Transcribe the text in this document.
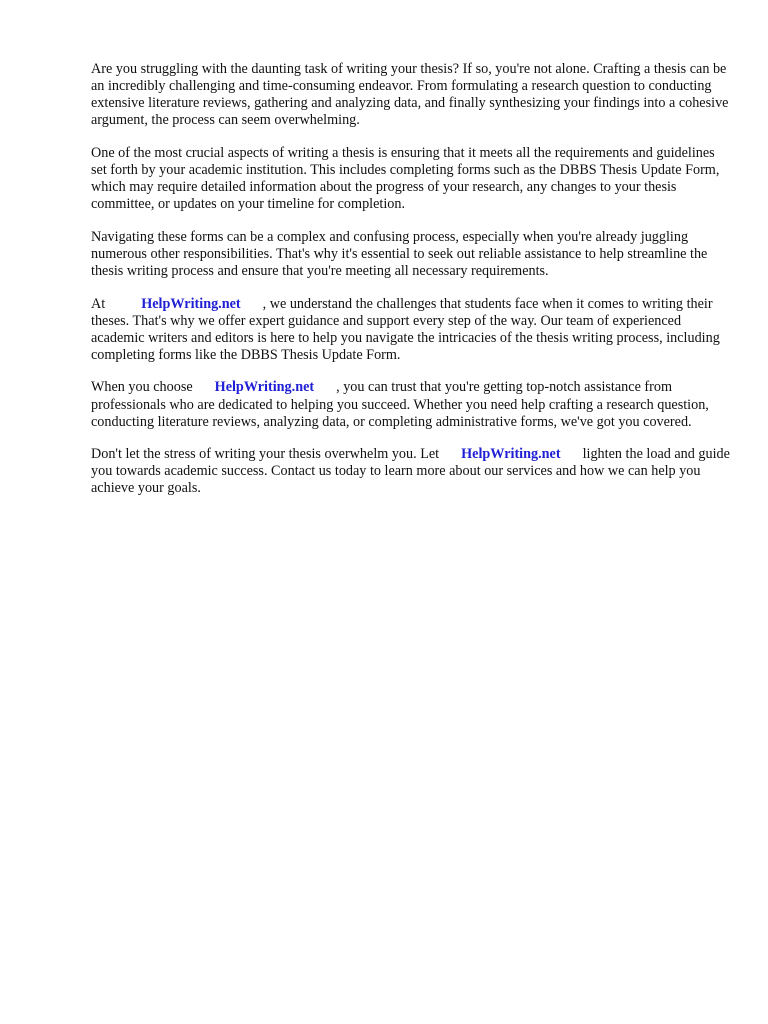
Are you struggling with the daunting task of writing your thesis? If so, you're not alone. Crafting a thesis can be an incredibly challenging and time-consuming endeavor. From formulating a research question to conducting extensive literature reviews, gathering and analyzing data, and finally synthesizing your findings into a cohesive argument, the process can seem overwhelming.

One of the most crucial aspects of writing a thesis is ensuring that it meets all the requirements and guidelines set forth by your academic institution. This includes completing forms such as the DBBS Thesis Update Form, which may require detailed information about the progress of your research, any changes to your thesis committee, or updates on your timeline for completion.

Navigating these forms can be a complex and confusing process, especially when you're already juggling numerous other responsibilities. That's why it's essential to seek out reliable assistance to help streamline the thesis writing process and ensure that you're meeting all necessary requirements.

At	HelpWriting.net , we understand the challenges that students face when it comes to writing their theses. That's why we offer expert guidance and support every step of the way. Our team of experienced academic writers and editors is here to help you navigate the intricacies of the thesis writing process, including completing forms like the DBBS Thesis Update Form.

When you choose HelpWriting.net , you can trust that you're getting top-notch assistance from professionals who are dedicated to helping you succeed. Whether you need help crafting a research question, conducting literature reviews, analyzing data, or completing administrative forms, we've got you covered.

Don't let the stress of writing your thesis overwhelm you. Let HelpWriting.net lighten the load and guide you towards academic success. Contact us today to learn more about our services and how we can help you achieve your goals.
